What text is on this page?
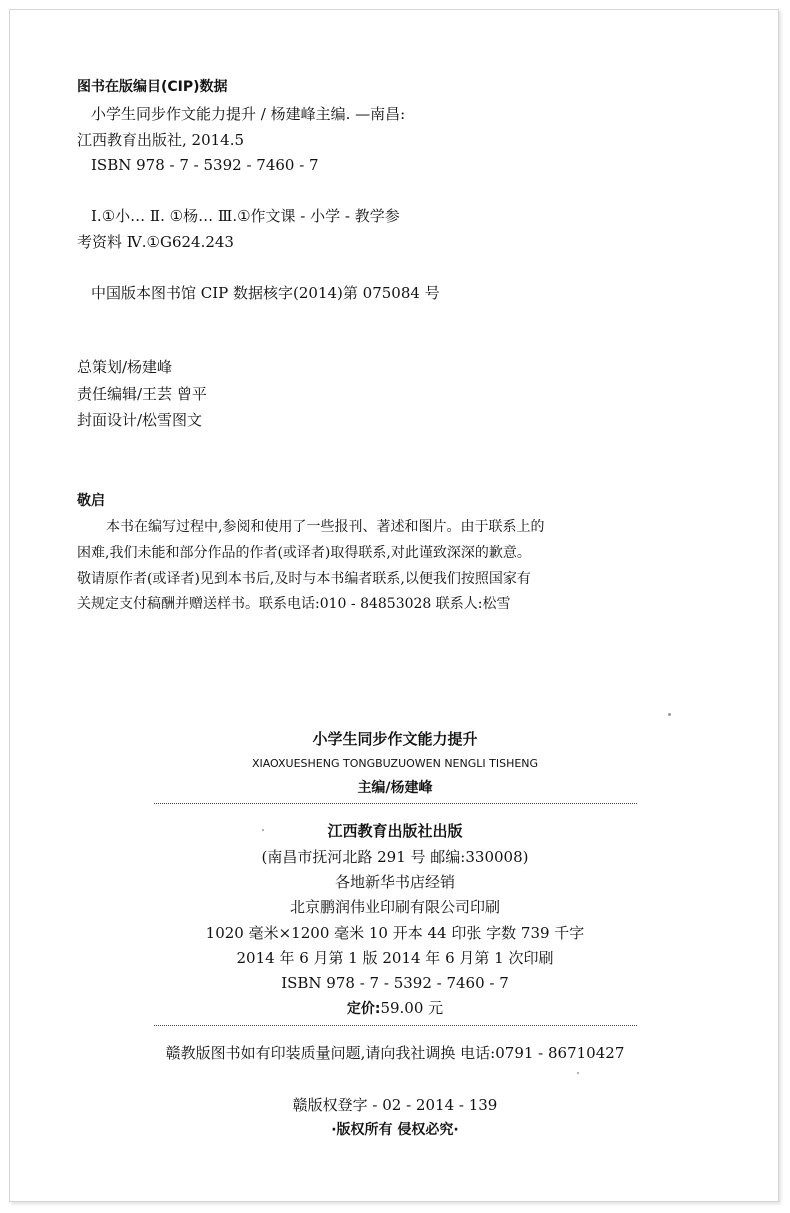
图书在版编目(CIP)数据
小学生同步作文能力提升 / 杨建峰主编. —南昌:
江西教育出版社, 2014.5
ISBN 978 - 7 - 5392 - 7460 - 7
Ⅰ.①小… Ⅱ. ①杨… Ⅲ.①作文课 - 小学 - 教学参
考资料 Ⅳ.①G624.243
中国版本图书馆 CIP 数据核字(2014)第 075084 号
总策划/杨建峰
责任编辑/王芸 曾平
封面设计/松雪图文
敬启
本书在编写过程中,参阅和使用了一些报刊、著述和图片。由于联系上的
困难,我们未能和部分作品的作者(或译者)取得联系,对此谨致深深的歉意。
敬请原作者(或译者)见到本书后,及时与本书编者联系,以便我们按照国家有
关规定支付稿酬并赠送样书。联系电话:010 - 84853028 联系人:松雪
小学生同步作文能力提升
XIAOXUESHENG TONGBUZUOWEN NENGLI TISHENG
主编/杨建峰
江西教育出版社出版
(南昌市抚河北路 291 号 邮编:330008)
各地新华书店经销
北京鹏润伟业印刷有限公司印刷
1020 毫米×1200 毫米 10 开本 44 印张 字数 739 千字
2014 年 6 月第 1 版 2014 年 6 月第 1 次印刷
ISBN 978 - 7 - 5392 - 7460 - 7
定价:59.00 元
赣教版图书如有印装质量问题,请向我社调换 电话:0791 - 86710427
赣版权登字 - 02 - 2014 - 139
·版权所有 侵权必究·
